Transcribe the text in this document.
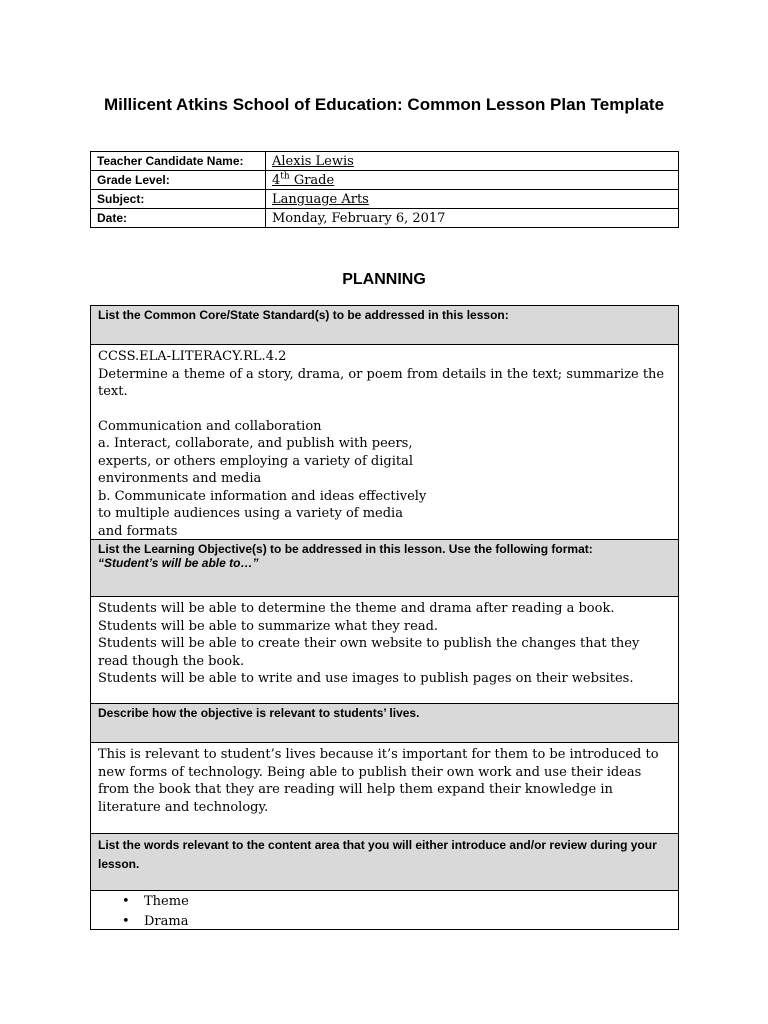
Millicent Atkins School of Education: Common Lesson Plan Template
Teacher Candidate Name:	Alexis Lewis
Grade Level:	4th Grade
Subject:	Language Arts
Date:	Monday, February 6, 2017
PLANNING
List the Common Core/State Standard(s) to be addressed in this lesson:

CCSS.ELA-LITERACY.RL.4.2

Determine a theme of a story, drama, or poem from details in the text; summarize the text.

Communication and collaboration

a. Interact, collaborate, and publish with peers,

experts, or others employing a variety of digital

environments and media

b. Communicate information and ideas effectively

to multiple audiences using a variety of media

and formats

List the Learning Objective(s) to be addressed in this lesson. Use the following format:
“Student’s will be able to…”

Students will be able to determine the theme and drama after reading a book.

Students will be able to summarize what they read.

Students will be able to create their own website to publish the changes that they read though the book.

Students will be able to write and use images to publish pages on their websites.

Describe how the objective is relevant to students’ lives.

This is relevant to student’s lives because it’s important for them to be introduced to new forms of technology. Being able to publish their own work and use their ideas from the book that they are reading will help them expand their knowledge in literature and technology.

List the words relevant to the content area that you will either introduce and/or review during your lesson.
• Theme
• Drama
